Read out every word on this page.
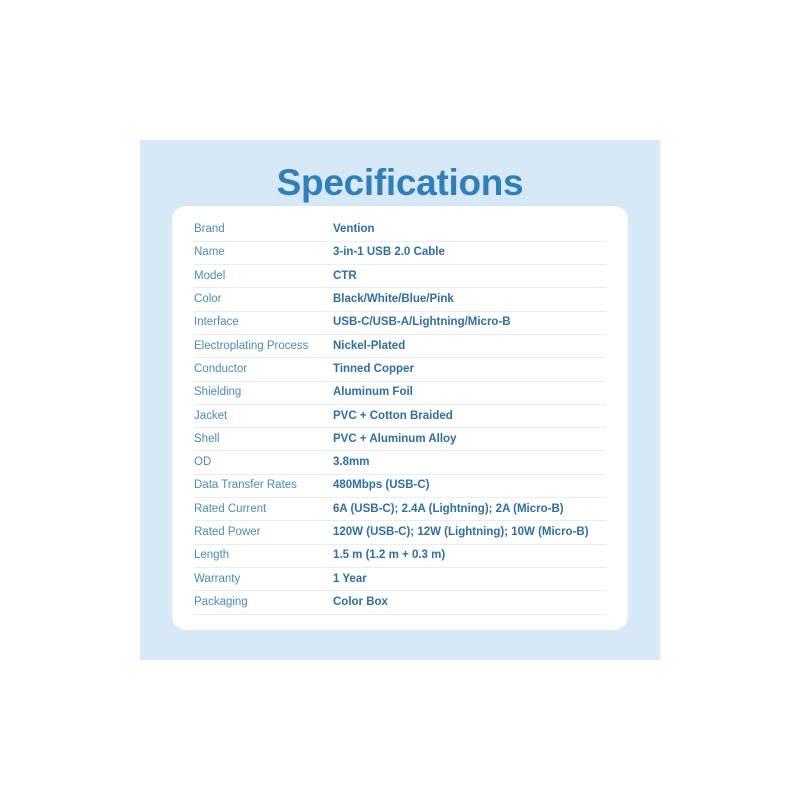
Specifications
Brand	Vention
Name	3-in-1 USB 2.0 Cable
Model	CTR
Color	Black/White/Blue/Pink
Interface	USB-C/USB-A/Lightning/Micro-B
Electroplating Process	Nickel-Plated
Conductor	Tinned Copper
Shielding	Aluminum Foil
Jacket	PVC + Cotton Braided
Shell	PVC + Aluminum Alloy
OD	3.8mm
Data Transfer Rates	480Mbps (USB-C)
Rated Current	6A (USB-C); 2.4A (Lightning); 2A (Micro-B)
Rated Power	120W (USB-C); 12W (Lightning); 10W (Micro-B)
Length	1.5 m (1.2 m + 0.3 m)
Warranty	1 Year
Packaging	Color Box
